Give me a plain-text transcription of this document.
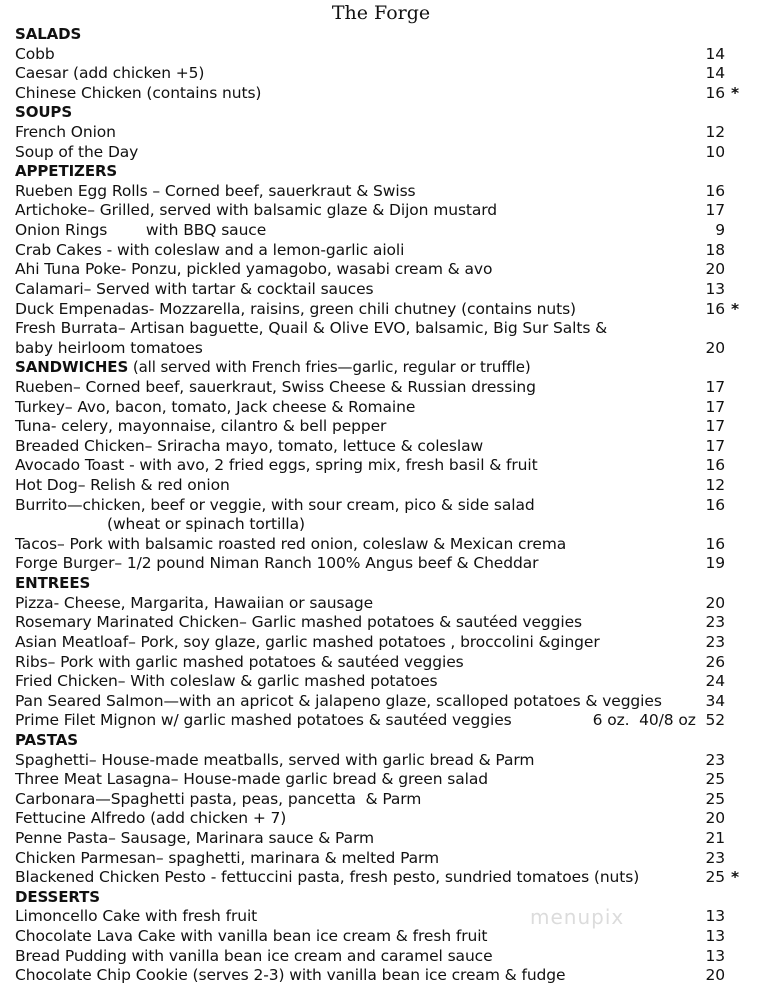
The Forge
SALADS
Cobb	14
Caesar (add chicken +5)	14
Chinese Chicken (contains nuts)	16 *
SOUPS
French Onion	12
Soup of the Day	10
APPETIZERS
Rueben Egg Rolls – Corned beef, sauerkraut & Swiss	16
Artichoke– Grilled, served with balsamic glaze & Dijon mustard	17
Onion Rings        with BBQ sauce	9
Crab Cakes - with coleslaw and a lemon-garlic aioli	18
Ahi Tuna Poke- Ponzu, pickled yamagobo, wasabi cream & avo	20
Calamari– Served with tartar & cocktail sauces	13
Duck Empenadas- Mozzarella, raisins, green chili chutney (contains nuts)	16 *
Fresh Burrata– Artisan baguette, Quail & Olive EVO, balsamic, Big Sur Salts &
baby heirloom tomatoes	20
SANDWICHES (all served with French fries—garlic, regular or truffle)
Rueben– Corned beef, sauerkraut, Swiss Cheese & Russian dressing	17
Turkey– Avo, bacon, tomato, Jack cheese & Romaine	17
Tuna- celery, mayonnaise, cilantro & bell pepper	17
Breaded Chicken– Sriracha mayo, tomato, lettuce & coleslaw	17
Avocado Toast - with avo, 2 fried eggs, spring mix, fresh basil & fruit	16
Hot Dog– Relish & red onion	12
Burrito—chicken, beef or veggie, with sour cream, pico & side salad	16
(wheat or spinach tortilla)
Tacos– Pork with balsamic roasted red onion, coleslaw & Mexican crema	16
Forge Burger– 1/2 pound Niman Ranch 100% Angus beef & Cheddar	19
ENTREES
Pizza- Cheese, Margarita, Hawaiian or sausage	20
Rosemary Marinated Chicken– Garlic mashed potatoes & sautéed veggies	23
Asian Meatloaf– Pork, soy glaze, garlic mashed potatoes , broccolini &ginger	23
Ribs– Pork with garlic mashed potatoes & sautéed veggies	26
Fried Chicken– With coleslaw & garlic mashed potatoes	24
Pan Seared Salmon—with an apricot & jalapeno glaze, scalloped potatoes & veggies	34
Prime Filet Mignon w/ garlic mashed potatoes & sautéed veggies	6 oz.  40/8 oz  52
PASTAS
Spaghetti– House-made meatballs, served with garlic bread & Parm	23
Three Meat Lasagna– House-made garlic bread & green salad	25
Carbonara—Spaghetti pasta, peas, pancetta  & Parm	25
Fettucine Alfredo (add chicken + 7)	20
Penne Pasta– Sausage, Marinara sauce & Parm	21
Chicken Parmesan– spaghetti, marinara & melted Parm	23
Blackened Chicken Pesto - fettuccini pasta, fresh pesto, sundried tomatoes (nuts)	25 *
DESSERTS
Limoncello Cake with fresh fruit	13
Chocolate Lava Cake with vanilla bean ice cream & fresh fruit	13
Bread Pudding with vanilla bean ice cream and caramel sauce	13
Chocolate Chip Cookie (serves 2-3) with vanilla bean ice cream & fudge	20
menupix
